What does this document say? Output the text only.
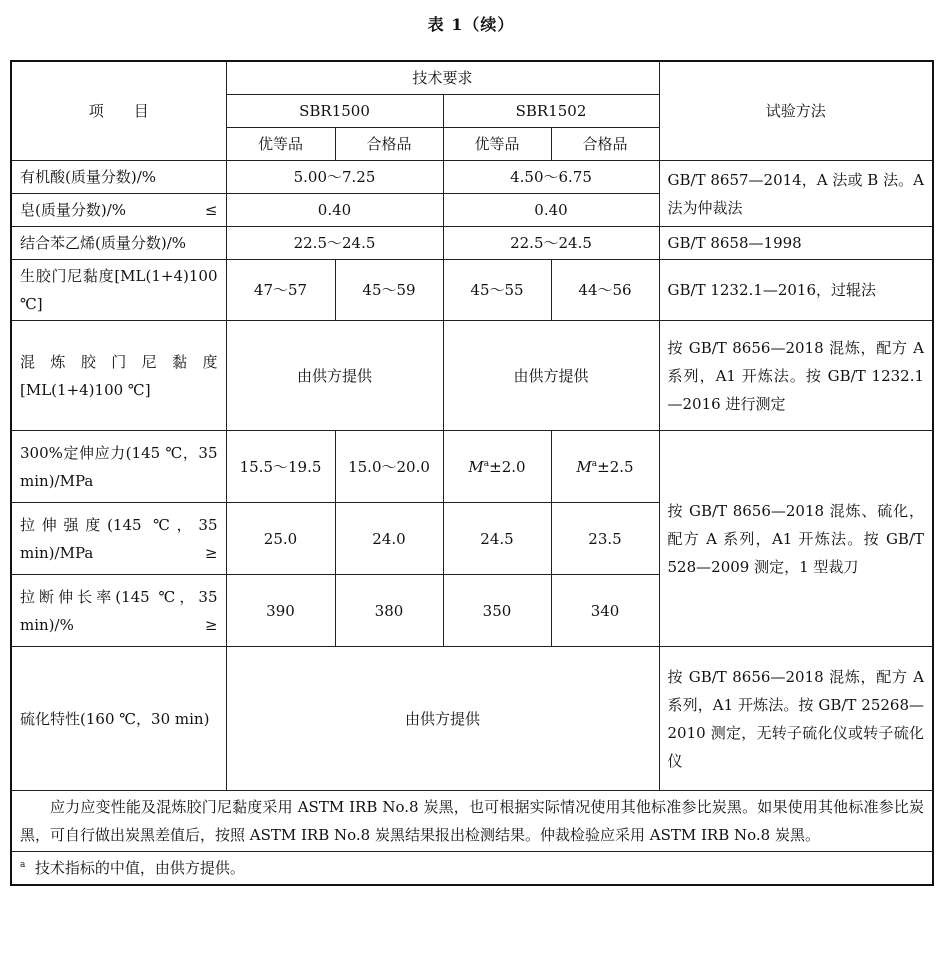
表 1（续）
项　　目	技术要求				试验方法
	SBR1500		SBR1502		
	优等品	合格品	优等品	合格品	
有机酸(质量分数)/%	5.00～7.25		4.50～6.75		GB/T 8657—2014，A 法或 B 法。A 法为仲裁法
皂(质量分数)/% ≤	0.40		0.40		
结合苯乙烯(质量分数)/%	22.5～24.5		22.5～24.5		GB/T 8658—1998
生胶门尼黏度[ML(1+4)100 ℃]	47～57	45～59	45～55	44～56	GB/T 1232.1—2016，过辊法
混炼胶门尼黏度[ML(1+4)100 ℃]	由供方提供		由供方提供		按 GB/T 8656—2018 混炼，配方 A 系列，A1 开炼法。按 GB/T 1232.1—2016 进行测定
300%定伸应力(145 ℃，35 min)/MPa	15.5～19.5	15.0～20.0	$M^a\pm 2.0$	$M^a\pm 2.5$	按 GB/T 8656—2018 混炼、硫化，配方 A 系列，A1 开炼法。按 GB/T 528—2009 测定，1 型裁刀
拉伸强度(145 ℃，35 min)/MPa ≥	25.0	24.0	24.5	23.5	
拉断伸长率(145 ℃，35 min)/% ≥	390	380	350	340	
硫化特性(160 ℃，30 min)	由供方提供				按 GB/T 8656—2018 混炼，配方 A 系列，A1 开炼法。按 GB/T 25268—2010 测定，无转子硫化仪或转子硫化仪
应力应变性能及混炼胶门尼黏度采用 ASTM IRB No.8 炭黑，也可根据实际情况使用其他标准参比炭黑。如果使用其他标准参比炭黑，可自行做出炭黑差值后，按照 ASTM IRB No.8 炭黑结果报出检测结果。仲裁检验应采用 ASTM IRB No.8 炭黑。					
$^a$ 技术指标的中值，由供方提供。					
